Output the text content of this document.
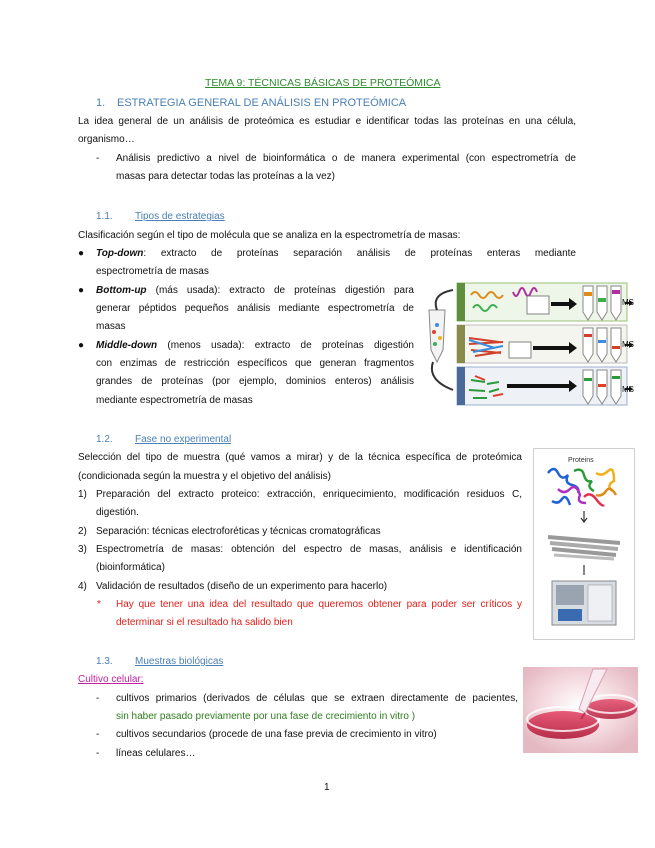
TEMA 9: TÉCNICAS BÁSICAS DE PROTEÓMICA
1. ESTRATEGIA GENERAL DE ANÁLISIS EN PROTEÓMICA
La idea general de un análisis de proteómica es estudiar e identificar todas las proteínas en una célula,
organismo…
- Análisis predictivo a nivel de bioinformática o de manera experimental (con espectrometría de
masas para detectar todas las proteínas a la vez)
1.1. Tipos de estrategias
Clasificación según el tipo de molécula que se analiza en la espectrometría de masas:
● Top-down: extracto de proteínas separación análisis de proteínas enteras mediante
espectrometría de masas
● Bottom-up (más usada): extracto de proteínas digestión para
generar péptidos pequeños análisis mediante espectrometría de
masas
● Middle-down (menos usada): extracto de proteínas digestión
con enzimas de restricción específicos que generan fragmentos
grandes de proteínas (por ejemplo, dominios enteros) análisis
mediante espectrometría de masas
MS
MS
MS
1.2. Fase no experimental
Selección del tipo de muestra (qué vamos a mirar) y de la técnica específica de proteómica
(condicionada según la muestra y el objetivo del análisis)
1) Preparación del extracto proteico: extracción, enriquecimiento, modificación residuos C,
digestión.
2) Separación: técnicas electroforéticas y técnicas cromatográficas
3) Espectrometría de masas: obtención del espectro de masas, análisis e identificación
(bioinformática)
4) Validación de resultados (diseño de un experimento para hacerlo)
* Hay que tener una idea del resultado que queremos obtener para poder ser críticos y
determinar si el resultado ha salido bien
Proteins
1.3. Muestras biológicas
Cultivo celular:
- cultivos primarios (derivados de células que se extraen directamente de pacientes,
sin haber pasado previamente por una fase de crecimiento in vitro )
- cultivos secundarios (procede de una fase previa de crecimiento in vitro)
- líneas celulares…
1
